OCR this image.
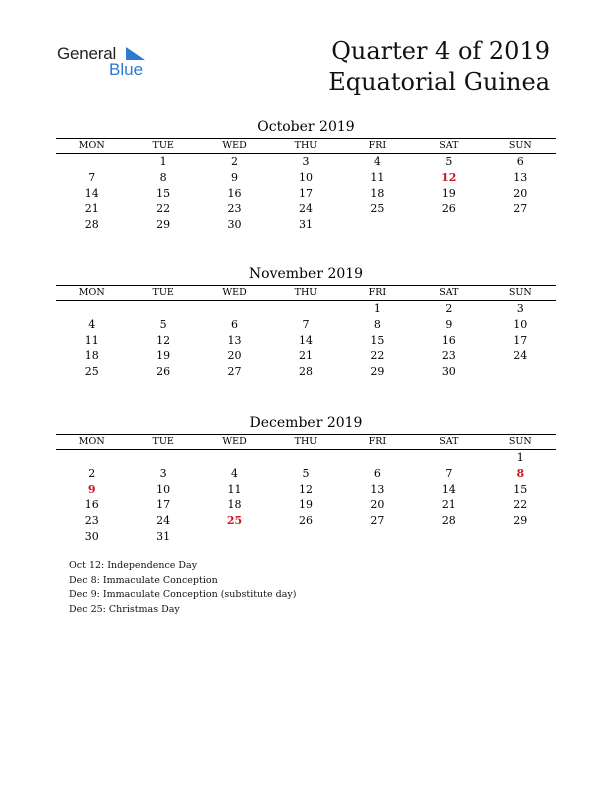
General
Blue
Quarter 4 of 2019
Equatorial Guinea
October 2019
MON	TUE	WED	THU	FRI	SAT	SUN
	1	2	3	4	5	6
7	8	9	10	11	12	13
14	15	16	17	18	19	20
21	22	23	24	25	26	27
28	29	30	31			
November 2019
MON	TUE	WED	THU	FRI	SAT	SUN
				1	2	3
4	5	6	7	8	9	10
11	12	13	14	15	16	17
18	19	20	21	22	23	24
25	26	27	28	29	30	
December 2019
MON	TUE	WED	THU	FRI	SAT	SUN
						1
2	3	4	5	6	7	8
9	10	11	12	13	14	15
16	17	18	19	20	21	22
23	24	25	26	27	28	29
30	31					
Oct 12: Independence Day
Dec 8: Immaculate Conception
Dec 9: Immaculate Conception (substitute day)
Dec 25: Christmas Day
